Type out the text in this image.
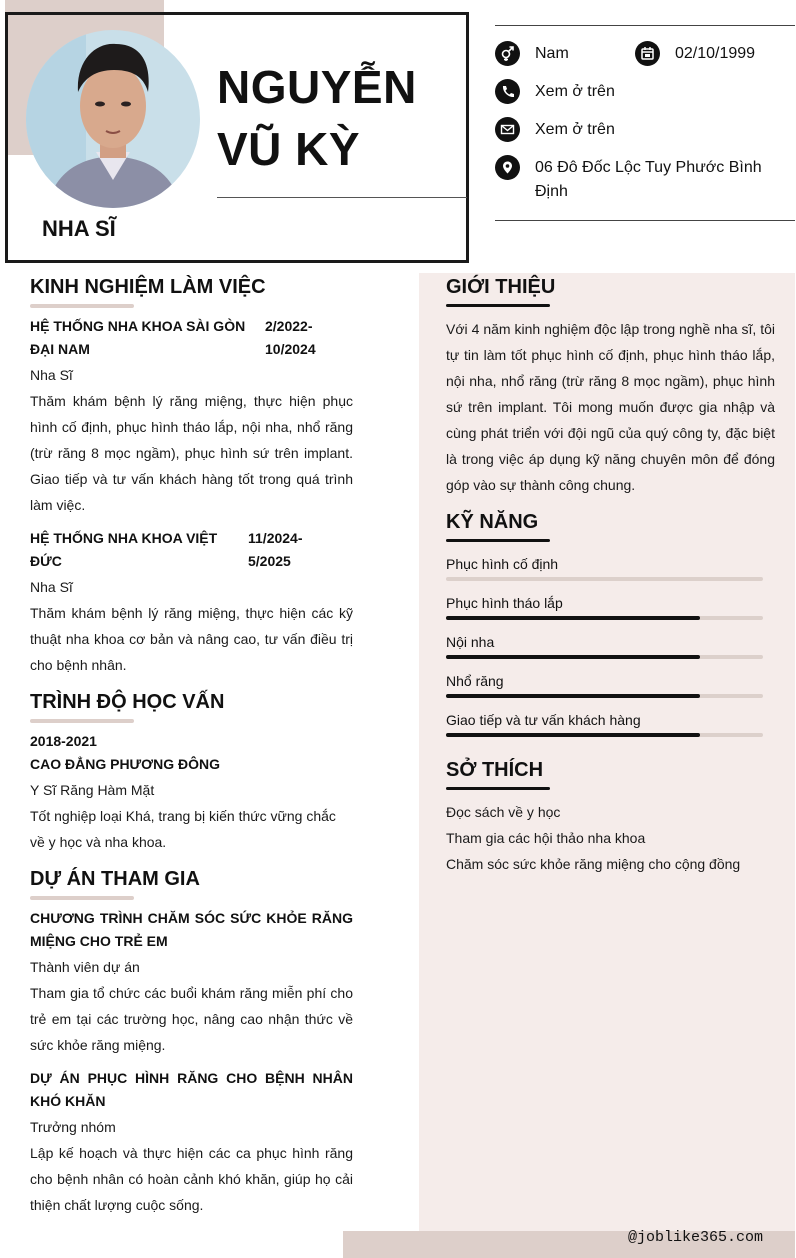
NGUYỄN
VŨ KỲ
NHA SĨ
Nam	02/10/1999
Xem ở trên
Xem ở trên
06 Đô Đốc Lộc Tuy Phước Bình Định
KINH NGHIỆM LÀM VIỆC
HỆ THỐNG NHA KHOA SÀI GÒN ĐẠI NAM
2/2022-10/2024
Nha Sĩ
Thăm khám bệnh lý răng miệng, thực hiện phục hình cố định, phục hình tháo lắp, nội nha, nhổ răng (trừ răng 8 mọc ngầm), phục hình sứ trên implant. Giao tiếp và tư vấn khách hàng tốt trong quá trình làm việc.
HỆ THỐNG NHA KHOA VIỆT ĐỨC
11/2024-5/2025
Nha Sĩ
Thăm khám bệnh lý răng miệng, thực hiện các kỹ thuật nha khoa cơ bản và nâng cao, tư vấn điều trị cho bệnh nhân.
TRÌNH ĐỘ HỌC VẤN
2018-2021
CAO ĐẲNG PHƯƠNG ĐÔNG
Y Sĩ Răng Hàm Mặt
Tốt nghiệp loại Khá, trang bị kiến thức vững chắc về y học và nha khoa.
DỰ ÁN THAM GIA
CHƯƠNG TRÌNH CHĂM SÓC SỨC KHỎE RĂNG MIỆNG CHO TRẺ EM
Thành viên dự án
Tham gia tổ chức các buổi khám răng miễn phí cho trẻ em tại các trường học, nâng cao nhận thức về sức khỏe răng miệng.
DỰ ÁN PHỤC HÌNH RĂNG CHO BỆNH NHÂN KHÓ KHĂN
Trưởng nhóm
Lập kế hoạch và thực hiện các ca phục hình răng cho bệnh nhân có hoàn cảnh khó khăn, giúp họ cải thiện chất lượng cuộc sống.
GIỚI THIỆU
Với 4 năm kinh nghiệm độc lập trong nghề nha sĩ, tôi tự tin làm tốt phục hình cố định, phục hình tháo lắp, nội nha, nhổ răng (trừ răng 8 mọc ngầm), phục hình sứ trên implant. Tôi mong muốn được gia nhập và cùng phát triển với đội ngũ của quý công ty, đặc biệt là trong việc áp dụng kỹ năng chuyên môn để đóng góp vào sự thành công chung.
KỸ NĂNG
Phục hình cố định
Phục hình tháo lắp
Nội nha
Nhổ răng
Giao tiếp và tư vấn khách hàng
SỞ THÍCH
Đọc sách về y học
Tham gia các hội thảo nha khoa
Chăm sóc sức khỏe răng miệng cho cộng đồng
@joblike365.com
